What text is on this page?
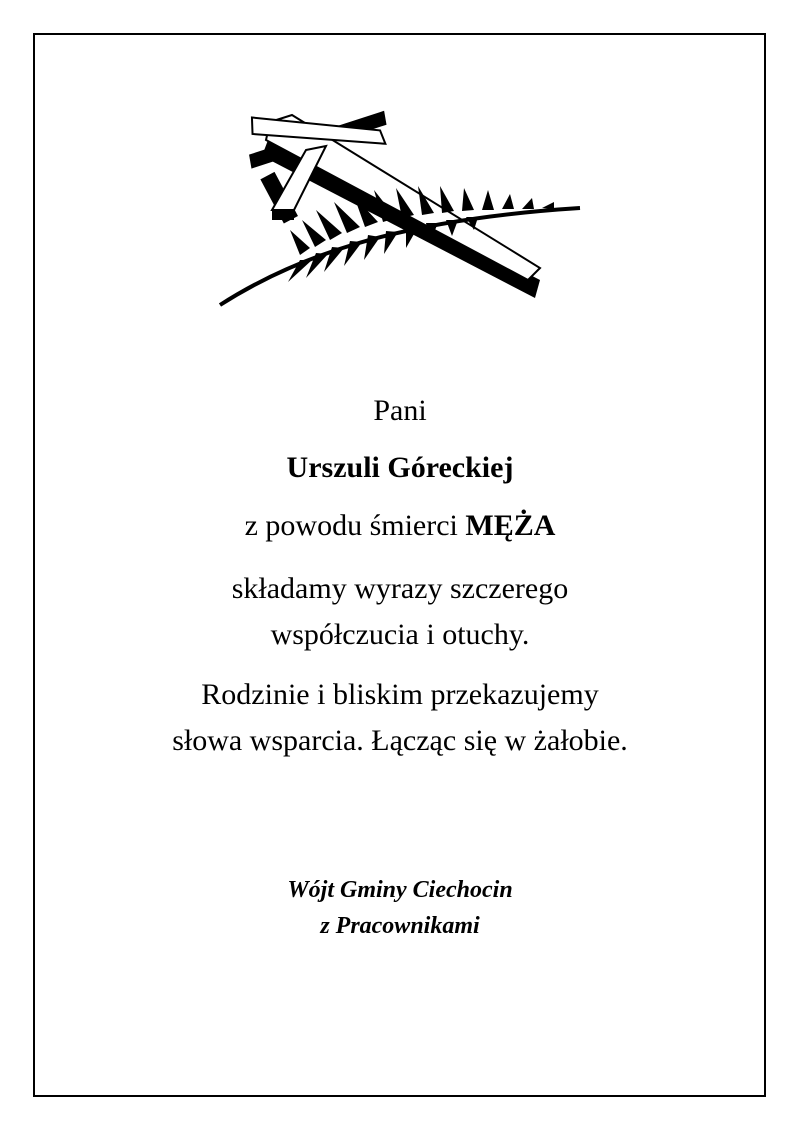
Pani
Urszuli Góreckiej
z powodu śmierci MĘŻA
składamy wyrazy szczerego
współczucia i otuchy.
Rodzinie i bliskim przekazujemy
słowa wsparcia. Łącząc się w żałobie.
Wójt Gminy Ciechocin
z Pracownikami
